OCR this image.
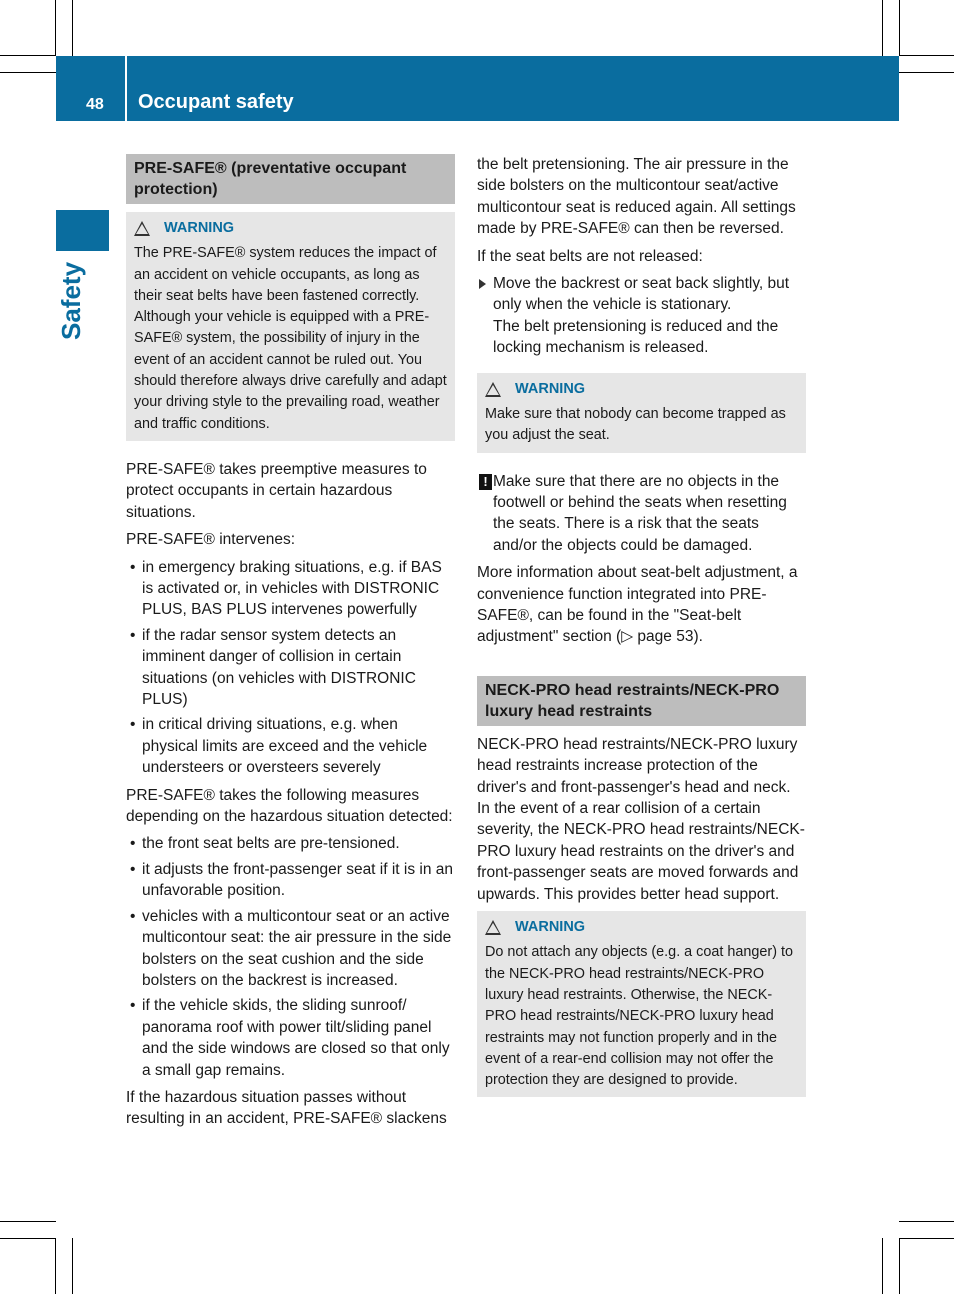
48 Occupant safety
Safety
PRE-SAFE® (preventative occupant protection)
WARNING
The PRE-SAFE® system reduces the impact of an accident on vehicle occupants, as long as their seat belts have been fastened correctly. Although your vehicle is equipped with a PRE-SAFE® system, the possibility of injury in the event of an accident cannot be ruled out. You should therefore always drive carefully and adapt your driving style to the prevailing road, weather and traffic conditions.

PRE-SAFE® takes preemptive measures to protect occupants in certain hazardous situations.

PRE-SAFE® intervenes:

• in emergency braking situations, e.g. if BAS is activated or, in vehicles with DISTRONIC PLUS, BAS PLUS intervenes powerfully
• if the radar sensor system detects an imminent danger of collision in certain situations (on vehicles with DISTRONIC PLUS)
• in critical driving situations, e.g. when physical limits are exceed and the vehicle understeers or oversteers severely

PRE-SAFE® takes the following measures depending on the hazardous situation detected:

• the front seat belts are pre-tensioned.
• it adjusts the front-passenger seat if it is in an unfavorable position.
• vehicles with a multicontour seat or an active multicontour seat: the air pressure in the side bolsters on the seat cushion and the side bolsters on the backrest is increased.
• if the vehicle skids, the sliding sunroof/ panorama roof with power tilt/sliding panel and the side windows are closed so that only a small gap remains.

If the hazardous situation passes without resulting in an accident, PRE-SAFE® slackens

the belt pretensioning. The air pressure in the side bolsters on the multicontour seat/active multicontour seat is reduced again. All settings made by PRE-SAFE® can then be reversed.

If the seat belts are not released:

Move the backrest or seat back slightly, but only when the vehicle is stationary.
The belt pretensioning is reduced and the locking mechanism is released.
WARNING
Make sure that nobody can become trapped as you adjust the seat.
! Make sure that there are no objects in the footwell or behind the seats when resetting the seats. There is a risk that the seats and/or the objects could be damaged.

More information about seat-belt adjustment, a convenience function integrated into PRE-SAFE®, can be found in the "Seat-belt adjustment" section (▷ page 53).

NECK-PRO head restraints/NECK-PRO luxury head restraints

NECK-PRO head restraints/NECK-PRO luxury head restraints increase protection of the driver's and front-passenger's head and neck. In the event of a rear collision of a certain severity, the NECK-PRO head restraints/NECK-PRO luxury head restraints on the driver's and front-passenger seats are moved forwards and upwards. This provides better head support.

WARNING
Do not attach any objects (e.g. a coat hanger) to the NECK-PRO head restraints/NECK-PRO luxury head restraints. Otherwise, the NECK-PRO head restraints/NECK-PRO luxury head restraints may not function properly and in the event of a rear-end collision may not offer the protection they are designed to provide.
